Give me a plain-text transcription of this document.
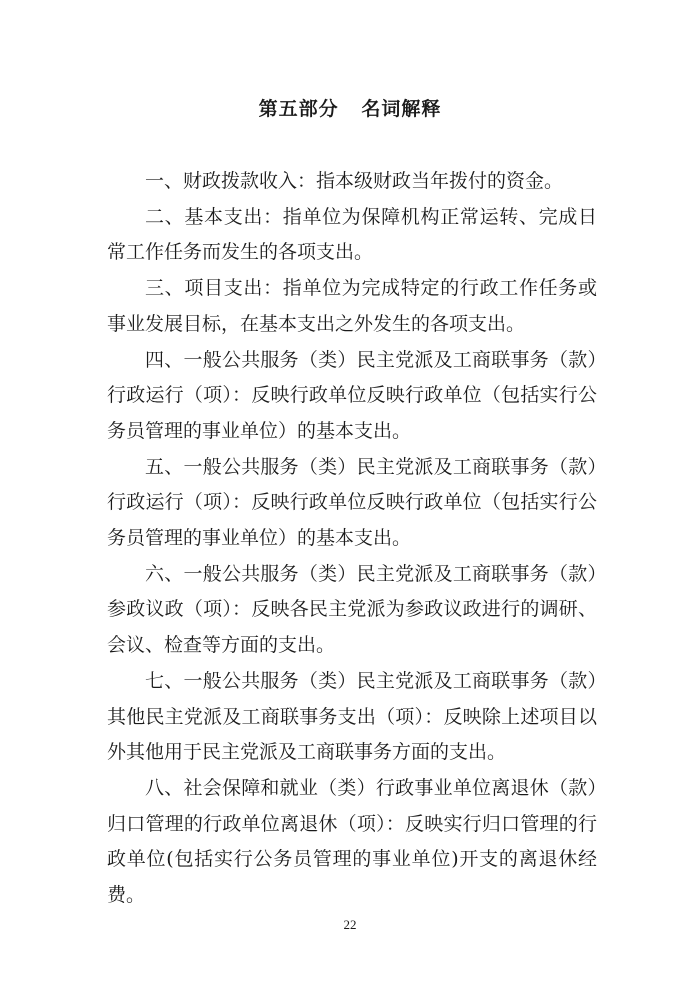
第五部分   名词解释

一、财政拨款收入：指本级财政当年拨付的资金。

二、基本支出：指单位为保障机构正常运转、完成日常工作任务而发生的各项支出。

三、项目支出：指单位为完成特定的行政工作任务或事业发展目标，在基本支出之外发生的各项支出。

四、一般公共服务（类）民主党派及工商联事务（款）行政运行（项）：反映行政单位反映行政单位（包括实行公务员管理的事业单位）的基本支出。

五、一般公共服务（类）民主党派及工商联事务（款）行政运行（项）：反映行政单位反映行政单位（包括实行公务员管理的事业单位）的基本支出。

六、一般公共服务（类）民主党派及工商联事务（款）参政议政（项）：反映各民主党派为参政议政进行的调研、会议、检查等方面的支出。

七、一般公共服务（类）民主党派及工商联事务（款）其他民主党派及工商联事务支出（项）：反映除上述项目以外其他用于民主党派及工商联事务方面的支出。

八、社会保障和就业（类）行政事业单位离退休（款）归口管理的行政单位离退休（项）：反映实行归口管理的行政单位(包括实行公务员管理的事业单位)开支的离退休经费。

22
